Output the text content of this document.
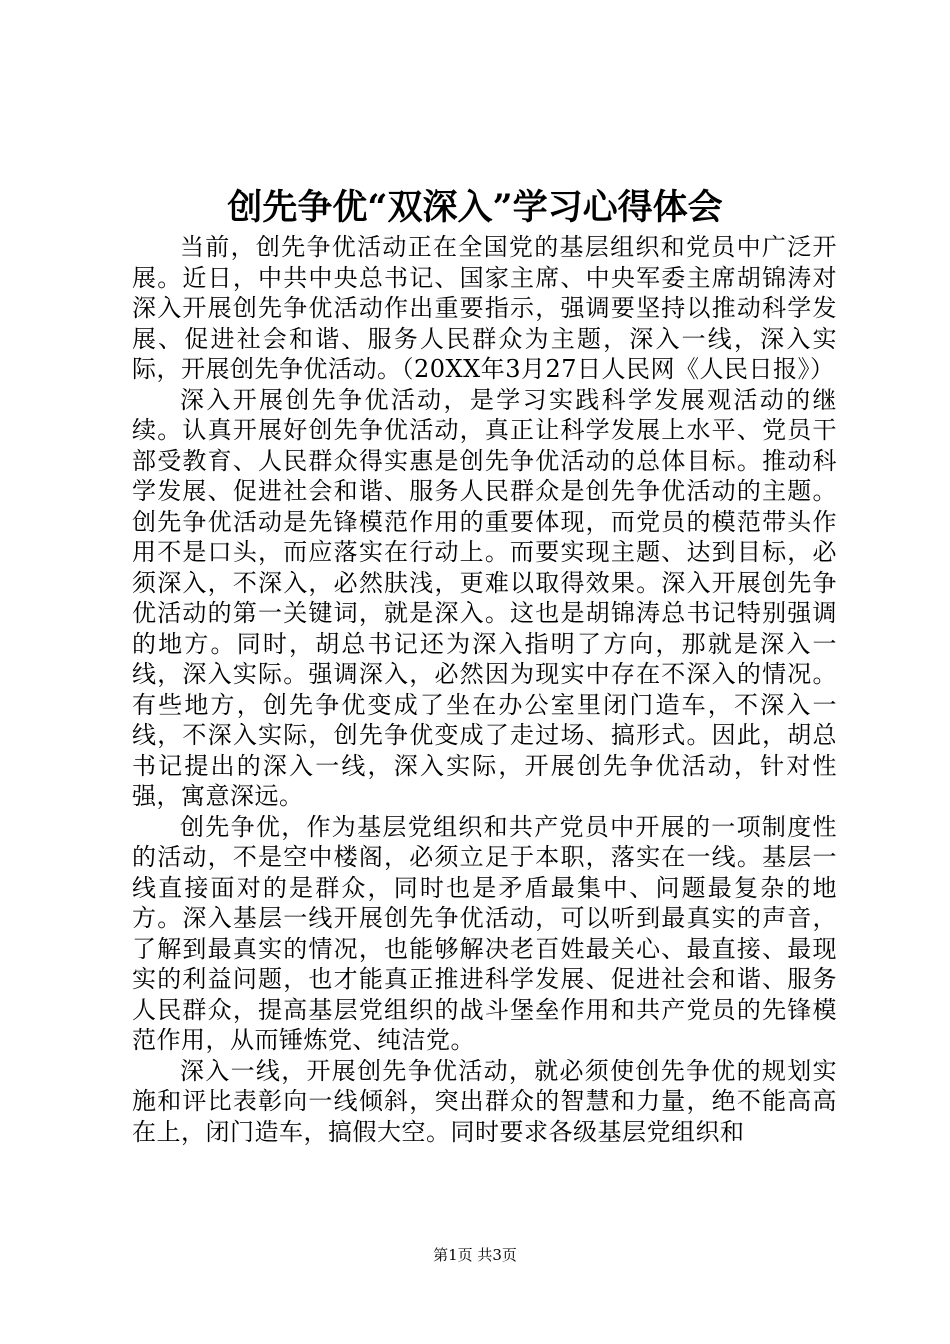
创先争优“双深入”学习心得体会

当前，创先争优活动正在全国党的基层组织和党员中广泛开展。近日，中共中央总书记、国家主席、中央军委主席胡锦涛对深入开展创先争优活动作出重要指示，强调要坚持以推动科学发展、促进社会和谐、服务人民群众为主题，深入一线，深入实际，开展创先争优活动。（20XX年3月27日人民网《人民日报》）

深入开展创先争优活动，是学习实践科学发展观活动的继续。认真开展好创先争优活动，真正让科学发展上水平、党员干部受教育、人民群众得实惠是创先争优活动的总体目标。推动科学发展、促进社会和谐、服务人民群众是创先争优活动的主题。创先争优活动是先锋模范作用的重要体现，而党员的模范带头作用不是口头，而应落实在行动上。而要实现主题、达到目标，必须深入，不深入，必然肤浅，更难以取得效果。深入开展创先争优活动的第一关键词，就是深入。这也是胡锦涛总书记特别强调的地方。同时，胡总书记还为深入指明了方向，那就是深入一线，深入实际。强调深入，必然因为现实中存在不深入的情况。有些地方，创先争优变成了坐在办公室里闭门造车，不深入一线，不深入实际，创先争优变成了走过场、搞形式。因此，胡总书记提出的深入一线，深入实际，开展创先争优活动，针对性强，寓意深远。

创先争优，作为基层党组织和共产党员中开展的一项制度性的活动，不是空中楼阁，必须立足于本职，落实在一线。基层一线直接面对的是群众，同时也是矛盾最集中、问题最复杂的地方。深入基层一线开展创先争优活动，可以听到最真实的声音，了解到最真实的情况，也能够解决老百姓最关心、最直接、最现实的利益问题，也才能真正推进科学发展、促进社会和谐、服务人民群众，提高基层党组织的战斗堡垒作用和共产党员的先锋模范作用，从而锤炼党、纯洁党。

深入一线，开展创先争优活动，就必须使创先争优的规划实施和评比表彰向一线倾斜，突出群众的智慧和力量，绝不能高高在上，闭门造车，搞假大空。同时要求各级基层党组织和

第1页 共3页
